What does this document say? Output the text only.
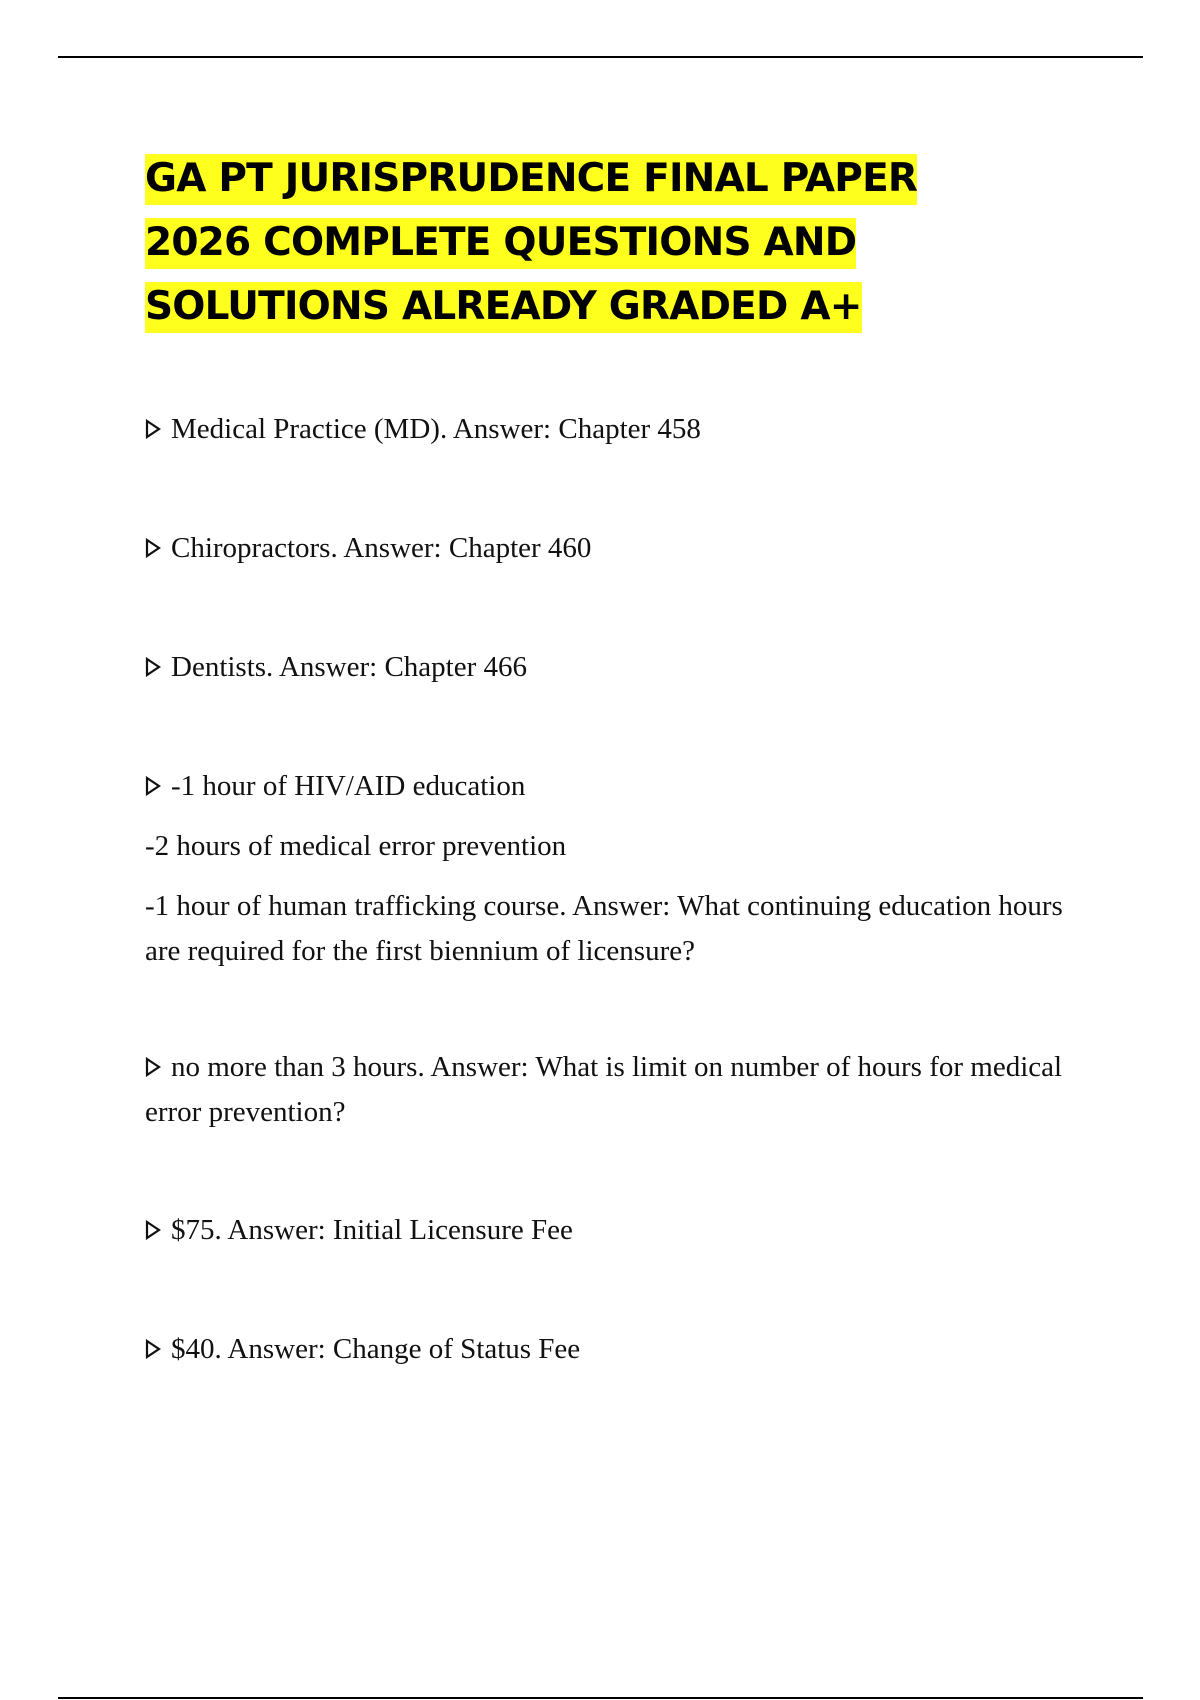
GA PT JURISPRUDENCE FINAL PAPER
2026 COMPLETE QUESTIONS AND
SOLUTIONS ALREADY GRADED A+

Medical Practice (MD). Answer: Chapter 458

Chiropractors. Answer: Chapter 460

Dentists. Answer: Chapter 466

-1 hour of HIV/AID education

-2 hours of medical error prevention

-1 hour of human trafficking course. Answer: What continuing education hours are required for the first biennium of licensure?

no more than 3 hours. Answer: What is limit on number of hours for medical error prevention?

$75. Answer: Initial Licensure Fee

$40. Answer: Change of Status Fee
